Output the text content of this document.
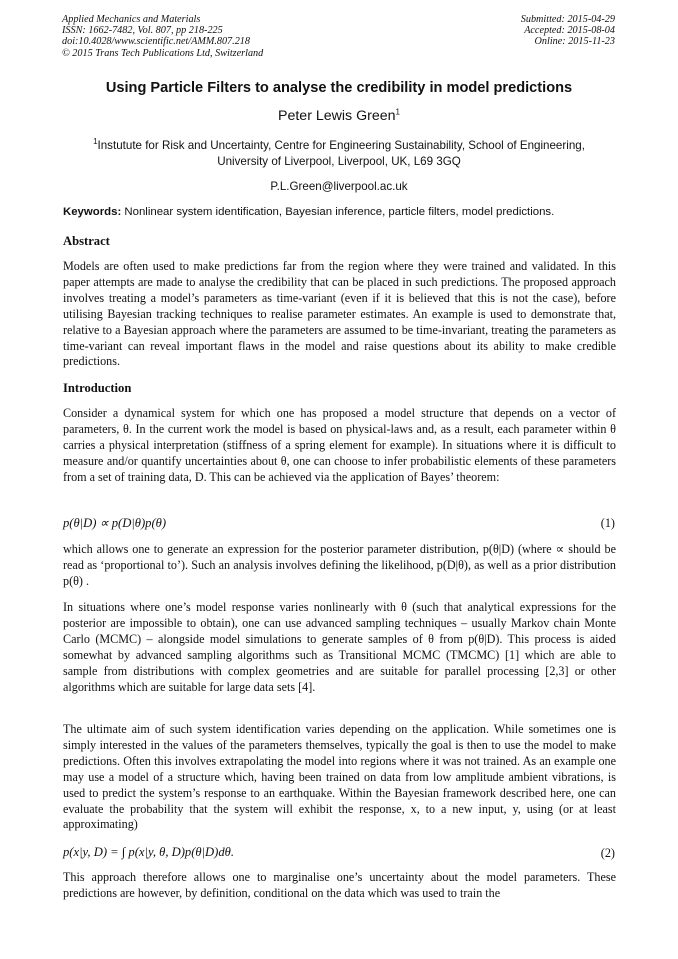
Applied Mechanics and Materials
ISSN: 1662-7482, Vol. 807, pp 218-225
doi:10.4028/www.scientific.net/AMM.807.218
© 2015 Trans Tech Publications Ltd, Switzerland
Submitted: 2015-04-29
Accepted: 2015-08-04
Online: 2015-11-23
Using Particle Filters to analyse the credibility in model predictions
Peter Lewis Green$^1$
$^1$Instutute for Risk and Uncertainty, Centre for Engineering Sustainability, School of Engineering,
University of Liverpool, Liverpool, UK, L69 3GQ
P.L.Green@liverpool.ac.uk
Keywords: Nonlinear system identification, Bayesian inference, particle filters, model predictions.
Abstract
Models are often used to make predictions far from the region where they were trained and validated. In this paper attempts are made to analyse the credibility that can be placed in such predictions. The proposed approach involves treating a model’s parameters as time-variant (even if it is believed that this is not the case), before utilising Bayesian tracking techniques to realise parameter estimates. An example is used to demonstrate that, relative to a Bayesian approach where the parameters are assumed to be time-invariant, treating the parameters as time-variant can reveal important flaws in the model and raise questions about its ability to make credible predictions.
Introduction
Consider a dynamical system for which one has proposed a model structure that depends on a vector of parameters, θ. In the current work the model is based on physical-laws and, as a result, each parameter within θ carries a physical interpretation (stiffness of a spring element for example). In situations where it is difficult to measure and/or quantify uncertainties about θ, one can choose to infer probabilistic elements of these parameters from a set of training data, D. This can be achieved via the application of Bayes’ theorem:
p(θ|D) ∝ p(D|θ)p(θ)	(1)
which allows one to generate an expression for the posterior parameter distribution, p(θ|D) (where ∝ should be read as ‘proportional to’). Such an analysis involves defining the likelihood, p(D|θ), as well as a prior distribution p(θ) .
In situations where one’s model response varies nonlinearly with θ (such that analytical expressions for the posterior are impossible to obtain), one can use advanced sampling techniques – usually Markov chain Monte Carlo (MCMC) – alongside model simulations to generate samples of θ from p(θ|D). This process is aided somewhat by advanced sampling algorithms such as Transitional MCMC (TMCMC) [1] which are able to sample from distributions with complex geometries and are suitable for parallel processing [2,3] or other algorithms which are suitable for large data sets [4].
The ultimate aim of such system identification varies depending on the application. While sometimes one is simply interested in the values of the parameters themselves, typically the goal is then to use the model to make predictions. Often this involves extrapolating the model into regions where it was not trained. As an example one may use a model of a structure which, having been trained on data from low amplitude ambient vibrations, is used to predict the system’s response to an earthquake. Within the Bayesian framework described here, one can evaluate the probability that the system will exhibit the response, x, to a new input, y, using (or at least approximating)
p(x|y, D) = ∫ p(x|y, θ, D)p(θ|D)dθ.	(2)
This approach therefore allows one to marginalise one’s uncertainty about the model parameters. These predictions are however, by definition, conditional on the data which was used to train the
